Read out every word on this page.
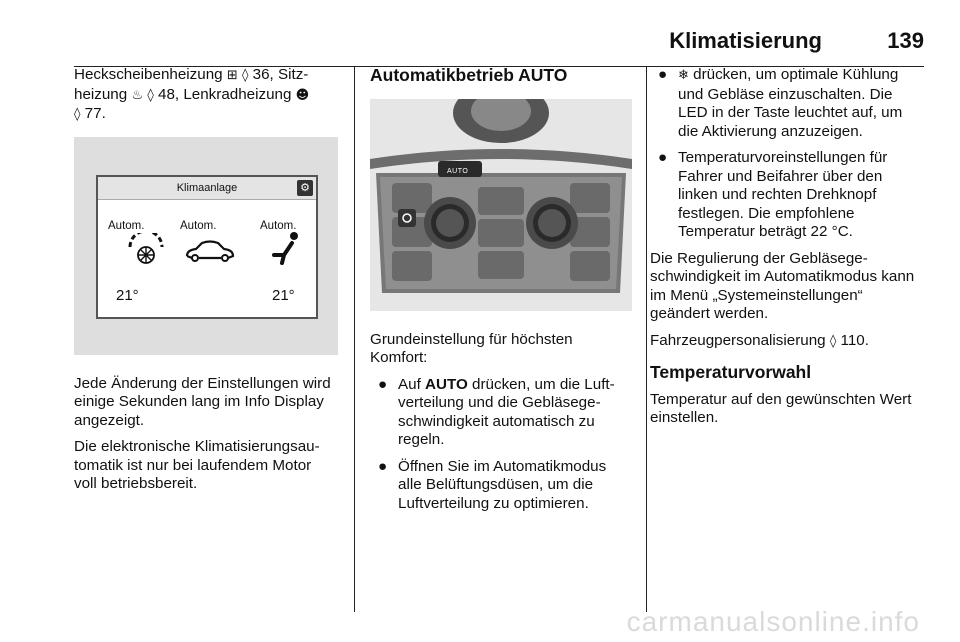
Klimatisierung	139

Heckscheibenheizung ⊞ ◊ 36, Sitz- heizung ♨ ◊ 48, Lenkradheizung ☻
◊ 77.

Klimaanlage	⚙
Autom.	Autom.	Autom.
21°	21°

Jede Änderung der Einstellungen wird einige Sekunden lang im Info Display angezeigt.

Die elektronische Klimatisierungsautomatik ist nur bei laufendem Motor voll betriebsbereit.

Automatikbetrieb AUTO
AUTO

Grundeinstellung für höchsten Komfort:

● Auf AUTO drücken, um die Luftverteilung und die Gebläsegeschwindigkeit automatisch zu regeln.
● Öffnen Sie im Automatikmodus alle Belüftungsdüsen, um die Luftverteilung zu optimieren.
● ❄ drücken, um optimale Kühlung und Gebläse einzuschalten. Die LED in der Taste leuchtet auf, um die Aktivierung anzuzeigen.
● Temperaturvoreinstellungen für Fahrer und Beifahrer über den linken und rechten Drehknopf festlegen. Die empfohlene Temperatur beträgt 22 °C.

Die Regulierung der Gebläsegeschwindigkeit im Automatikmodus kann im Menü „Systemeinstellungen“ geändert werden.

Fahrzeugpersonalisierung ◊ 110.

Temperaturvorwahl

Temperatur auf den gewünschten Wert einstellen.

carmanualsonline.info
